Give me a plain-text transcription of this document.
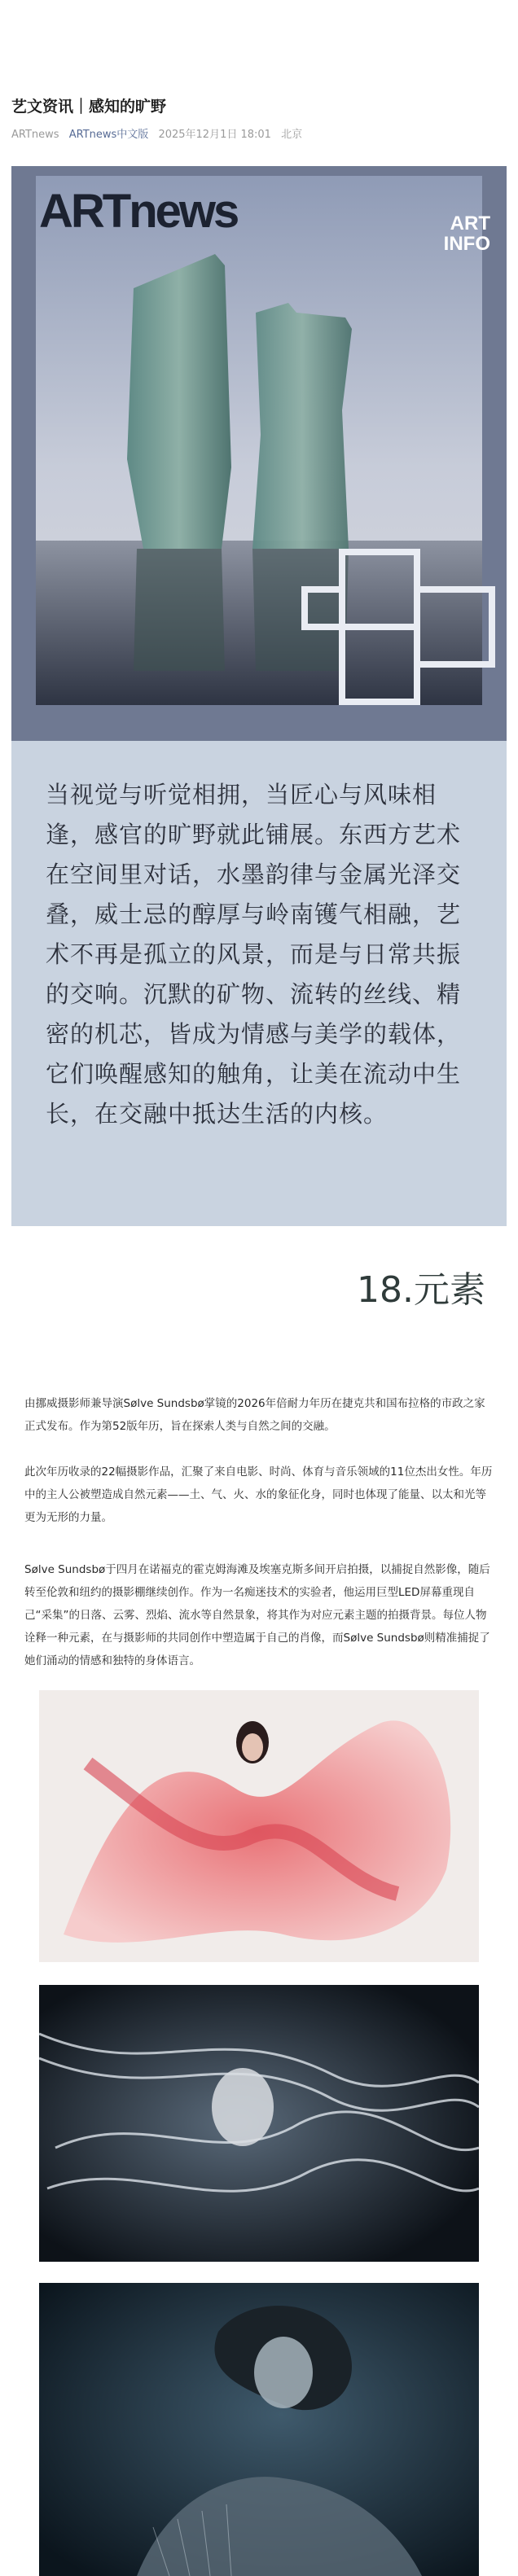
艺文资讯｜感知的旷野
ARTnews ARTnews中文版 2025年12月1日 18:01 北京
ARTnews	ART
INFO
当视觉与听觉相拥，当匠心与风味相逢，感官的旷野就此铺展。东西方艺术在空间里对话，水墨韵律与金属光泽交叠，威士忌的醇厚与岭南镬气相融，艺术不再是孤立的风景，而是与日常共振的交响。沉默的矿物、流转的丝线、精密的机芯，皆成为情感与美学的载体，它们唤醒感知的触角，让美在流动中生长，在交融中抵达生活的内核。
18.元素

由挪威摄影师兼导演Sølve Sundsbø掌镜的2026年倍耐力年历在捷克共和国布拉格的市政之家正式发布。作为第52版年历，旨在探索人类与自然之间的交融。

此次年历收录的22幅摄影作品，汇聚了来自电影、时尚、体育与音乐领域的11位杰出女性。年历中的主人公被塑造成自然元素——土、气、火、水的象征化身，同时也体现了能量、以太和光等更为无形的力量。

Sølve Sundsbø于四月在诺福克的霍克姆海滩及埃塞克斯多间开启拍摄，以捕捉自然影像，随后转至伦敦和纽约的摄影棚继续创作。作为一名痴迷技术的实验者，他运用巨型LED屏幕重现自己“采集”的日落、云雾、烈焰、流水等自然景象，将其作为对应元素主题的拍摄背景。每位人物诠释一种元素，在与摄影师的共同创作中塑造属于自己的肖像，而Sølve Sundsbø则精准捕捉了她们涌动的情感和独特的身体语言。
